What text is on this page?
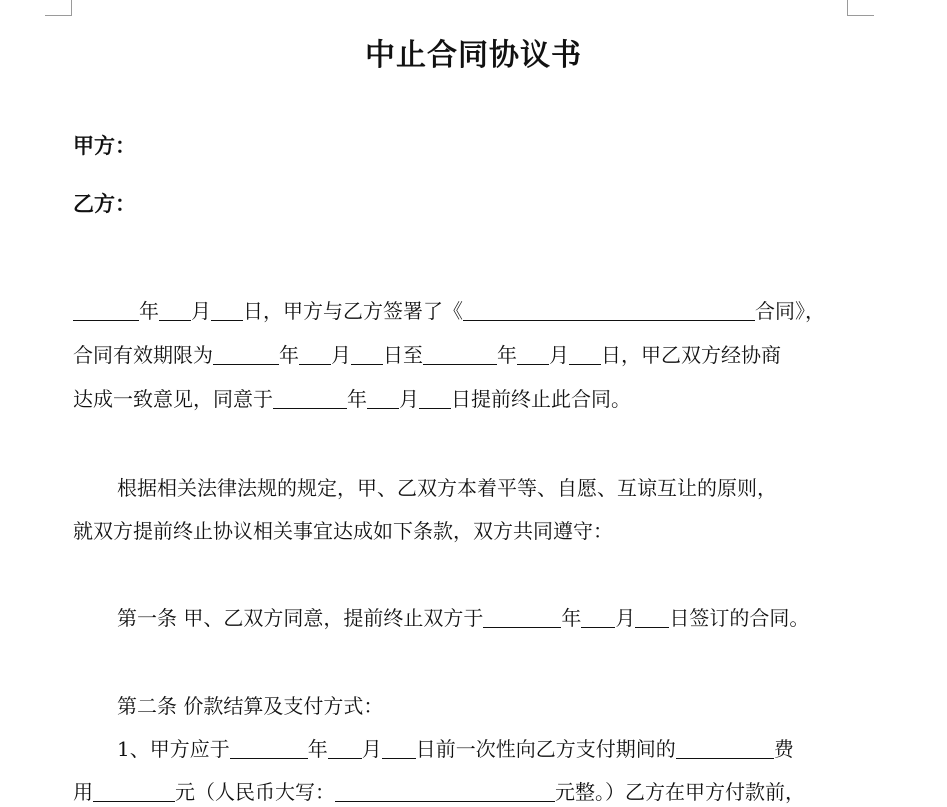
中止合同协议书
甲方：
乙方：
年 月 日，甲方与乙方签署了《	合同》，
合同有效期限为	年 月 日至	年 月 日，甲乙双方经协商
达成一致意见，同意于	年 月 日提前终止此合同。
根据相关法律法规的规定，甲、乙双方本着平等、自愿、互谅互让的原则，
就双方提前终止协议相关事宜达成如下条款，双方共同遵守：
第一条 甲、乙双方同意，提前终止双方于	年 月 日签订的合同。
第二条 价款结算及支付方式：
1、甲方应于	年 月 日前一次性向乙方支付期间的	费
用	元（人民币大写：	元整。）乙方在甲方付款前，
